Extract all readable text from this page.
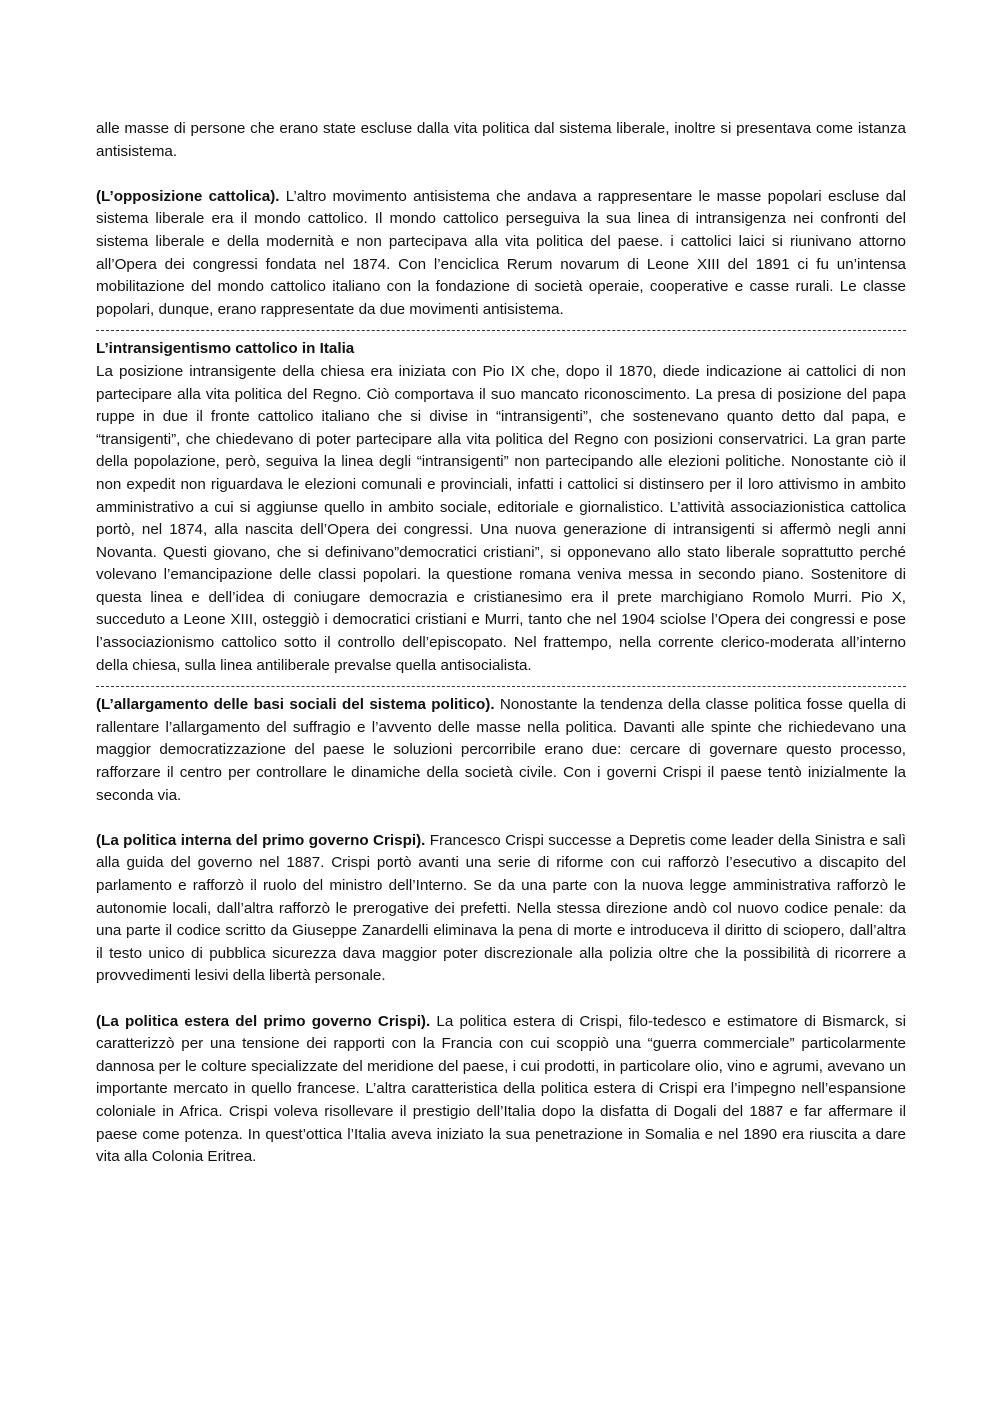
alle masse di persone che erano state escluse dalla vita politica dal sistema liberale, inoltre si presentava come istanza antisistema.

(L’opposizione cattolica). L’altro movimento antisistema che andava a rappresentare le masse popolari escluse dal sistema liberale era il mondo cattolico. Il mondo cattolico perseguiva la sua linea di intransigenza nei confronti del sistema liberale e della modernità e non partecipava alla vita politica del paese. i cattolici laici si riunivano attorno all’Opera dei congressi fondata nel 1874. Con l’enciclica Rerum novarum di Leone XIII del 1891 ci fu un’intensa mobilitazione del mondo cattolico italiano con la fondazione di società operaie, cooperative e casse rurali. Le classe popolari, dunque, erano rappresentate da due movimenti antisistema.

L’intransigentismo cattolico in Italia

La posizione intransigente della chiesa era iniziata con Pio IX che, dopo il 1870, diede indicazione ai cattolici di non partecipare alla vita politica del Regno. Ciò comportava il suo mancato riconoscimento. La presa di posizione del papa ruppe in due il fronte cattolico italiano che si divise in “intransigenti”, che sostenevano quanto detto dal papa, e “transigenti”, che chiedevano di poter partecipare alla vita politica del Regno con posizioni conservatrici. La gran parte della popolazione, però, seguiva la linea degli “intransigenti” non partecipando alle elezioni politiche. Nonostante ciò il non expedit non riguardava le elezioni comunali e provinciali, infatti i cattolici si distinsero per il loro attivismo in ambito amministrativo a cui si aggiunse quello in ambito sociale, editoriale e giornalistico. L’attività associazionistica cattolica portò, nel 1874, alla nascita dell’Opera dei congressi. Una nuova generazione di intransigenti si affermò negli anni Novanta. Questi giovano, che si definivano”democratici cristiani”, si opponevano allo stato liberale soprattutto perché volevano l’emancipazione delle classi popolari. la questione romana veniva messa in secondo piano. Sostenitore di questa linea e dell’idea di coniugare democrazia e cristianesimo era il prete marchigiano Romolo Murri. Pio X, succeduto a Leone XIII, osteggiò i democratici cristiani e Murri, tanto che nel 1904 sciolse l’Opera dei congressi e pose l’associazionismo cattolico sotto il controllo dell’episcopato. Nel frattempo, nella corrente clerico-moderata all’interno della chiesa, sulla linea antiliberale prevalse quella antisocialista.

(L’allargamento delle basi sociali del sistema politico). Nonostante la tendenza della classe politica fosse quella di rallentare l’allargamento del suffragio e l’avvento delle masse nella politica. Davanti alle spinte che richiedevano una maggior democratizzazione del paese le soluzioni percorribile erano due: cercare di governare questo processo, rafforzare il centro per controllare le dinamiche della società civile. Con i governi Crispi il paese tentò inizialmente la seconda via.

(La politica interna del primo governo Crispi). Francesco Crispi successe a Depretis come leader della Sinistra e salì alla guida del governo nel 1887. Crispi portò avanti una serie di riforme con cui rafforzò l’esecutivo a discapito del parlamento e rafforzò il ruolo del ministro dell’Interno. Se da una parte con la nuova legge amministrativa rafforzò le autonomie locali, dall’altra rafforzò le prerogative dei prefetti. Nella stessa direzione andò col nuovo codice penale: da una parte il codice scritto da Giuseppe Zanardelli eliminava la pena di morte e introduceva il diritto di sciopero, dall’altra il testo unico di pubblica sicurezza dava maggior poter discrezionale alla polizia oltre che la possibilità di ricorrere a provvedimenti lesivi della libertà personale.

(La politica estera del primo governo Crispi). La politica estera di Crispi, filo-tedesco e estimatore di Bismarck, si caratterizzò per una tensione dei rapporti con la Francia con cui scoppiò una “guerra commerciale” particolarmente dannosa per le colture specializzate del meridione del paese, i cui prodotti, in particolare olio, vino e agrumi, avevano un importante mercato in quello francese. L’altra caratteristica della politica estera di Crispi era l’impegno nell’espansione coloniale in Africa. Crispi voleva risollevare il prestigio dell’Italia dopo la disfatta di Dogali del 1887 e far affermare il paese come potenza. In quest’ottica l’Italia aveva iniziato la sua penetrazione in Somalia e nel 1890 era riuscita a dare vita alla Colonia Eritrea.
